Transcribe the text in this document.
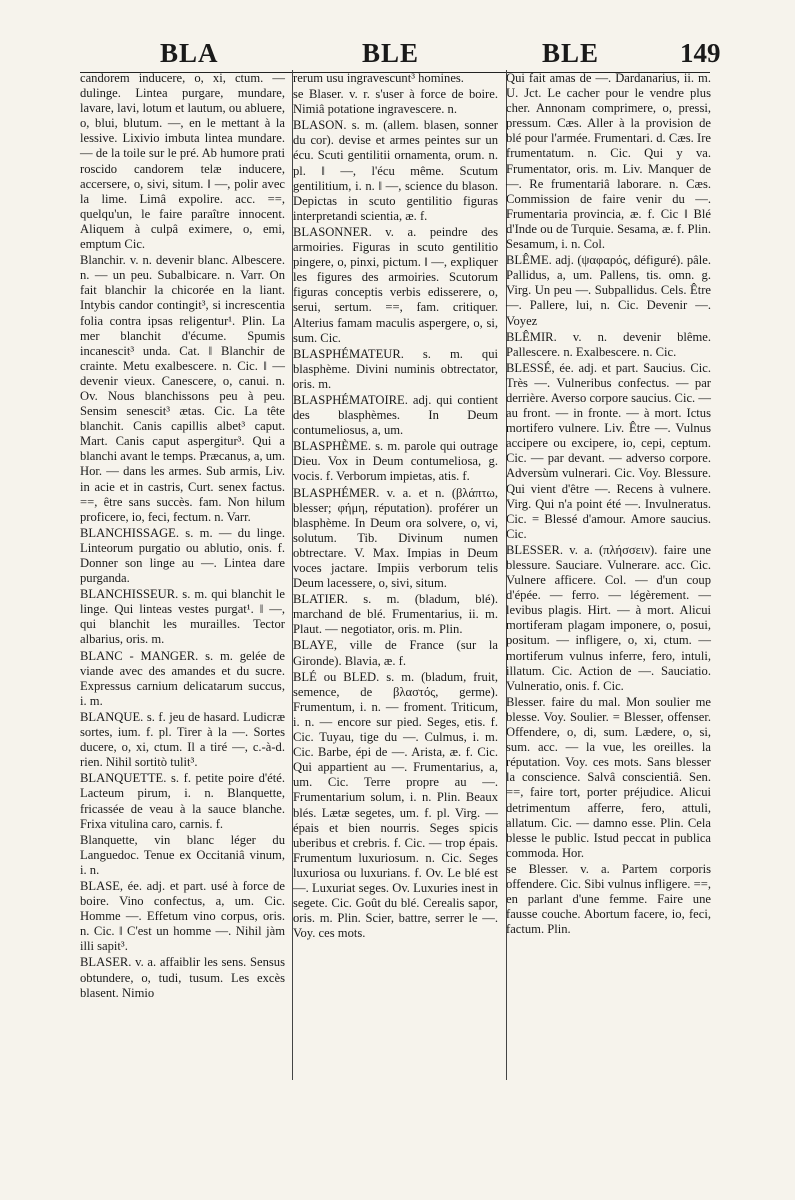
BLA	BLE	BLE	149

candorem inducere, o, xi, ctum. —dulinge. Lintea purgare, mundare, lavare, lavi, lotum et lautum, ou abluere, o, blui, blutum. —, en le mettant à la lessive. Lixivio imbuta lintea mundare. — de la toile sur le pré. Ab humore prati roscido candorem telæ inducere, accersere, o, sivi, situm. ‖ —, polir avec la lime. Limâ expolire. acc. ==, quelqu'un, le faire paraître innocent. Aliquem à culpâ eximere, o, emi, emptum Cic.

Blanchir. v. n. devenir blanc. Albescere. n. — un peu. Subalbicare. n. Varr. On fait blanchir la chicorée en la liant. Intybis candor contingit³, si increscentia folia contra ipsas religentur¹. Plin. La mer blanchit d'écume. Spumis incanescit³ unda. Cat. ‖ Blanchir de crainte. Metu exalbescere. n. Cic. ‖ —devenir vieux. Canescere, o, canui. n. Ov. Nous blanchissons peu à peu. Sensim senescit³ ætas. Cic. La tête blanchit. Canis capillis albet³ caput. Mart. Canis caput aspergitur³. Qui a blanchi avant le temps. Præcanus, a, um. Hor. — dans les armes. Sub armis, Liv. in acie et in castris, Curt. senex factus. ==, être sans succès. fam. Non hilum proficere, io, feci, fectum. n. Varr.

BLANCHISSAGE. s. m. — du linge. Linteorum purgatio ou ablutio, onis. f. Donner son linge au —. Lintea dare purganda.

BLANCHISSEUR. s. m. qui blanchit le linge. Qui linteas vestes purgat¹. ‖ —, qui blanchit les murailles. Tector albarius, oris. m.

BLANC - MANGER. s. m. gelée de viande avec des amandes et du sucre. Expressus carnium delicatarum succus, i. m.

BLANQUE. s. f. jeu de hasard. Ludicræ sortes, ium. f. pl. Tirer à la —. Sortes ducere, o, xi, ctum. Il a tiré —, c.-à-d. rien. Nihil sortitò tulit³.

BLANQUETTE. s. f. petite poire d'été. Lacteum pirum, i. n. Blanquette, fricassée de veau à la sauce blanche. Frixa vitulina caro, carnis. f.

Blanquette, vin blanc léger du Languedoc. Tenue ex Occitaniâ vinum, i. n.

BLASE, ée. adj. et part. usé à force de boire. Vino confectus, a, um. Cic. Homme —. Effetum vino corpus, oris. n. Cic. ‖ C'est un homme —. Nihil jàm illi sapit³.

BLASER. v. a. affaiblir les sens. Sensus obtundere, o, tudi, tusum. Les excès blasent. Nimio

rerum usu ingravescunt³ homines.

se Blaser. v. r. s'user à force de boire. Nimiâ potatione ingravescere. n.

BLASON. s. m. (allem. blasen, sonner du cor). devise et armes peintes sur un écu. Scuti gentilitii ornamenta, orum. n. pl. ‖ —, l'écu même. Scutum gentilitium, i. n. ‖ —, science du blason. Depictas in scuto gentilitio figuras interpretandi scientia, æ. f.

BLASONNER. v. a. peindre des armoiries. Figuras in scuto gentilitio pingere, o, pinxi, pictum. ‖ —, expliquer les figures des armoiries. Scutorum figuras conceptis verbis edisserere, o, serui, sertum. ==, fam. critiquer. Alterius famam maculis aspergere, o, si, sum. Cic.

BLASPHÉMATEUR. s. m. qui blasphème. Divini numinis obtrectator, oris. m.

BLASPHÉMATOIRE. adj. qui contient des blasphèmes. In Deum contumeliosus, a, um.

BLASPHÈME. s. m. parole qui outrage Dieu. Vox in Deum contumeliosa, g. vocis. f. Verborum impietas, atis. f.

BLASPHÉMER. v. a. et n. (βλάπτω, blesser; φήμη, réputation). proférer un blasphème. In Deum ora solvere, o, vi, solutum. Tib. Divinum numen obtrectare. V. Max. Impias in Deum voces jactare. Impiis verborum telis Deum lacessere, o, sivi, situm.

BLATIER. s. m. (bladum, blé). marchand de blé. Frumentarius, ii. m. Plaut. — negotiator, oris. m. Plin.

BLAYE, ville de France (sur la Gironde). Blavia, æ. f.

BLÉ ou BLED. s. m. (bladum, fruit, semence, de βλαστός, germe). Frumentum, i. n. — froment. Triticum, i. n. — encore sur pied. Seges, etis. f. Cic. Tuyau, tige du —. Culmus, i. m. Cic. Barbe, épi de —. Arista, æ. f. Cic. Qui appartient au —. Frumentarius, a, um. Cic. Terre propre au —. Frumentarium solum, i. n. Plin. Beaux blés. Lætæ segetes, um. f. pl. Virg. — épais et bien nourris. Seges spicis uberibus et crebris. f. Cic. — trop épais. Frumentum luxuriosum. n. Cic. Seges luxuriosa ou luxurians. f. Ov. Le blé est —. Luxuriat seges. Ov. Luxuries inest in segete. Cic. Goût du blé. Cerealis sapor, oris. m. Plin. Scier, battre, serrer le —. Voy. ces mots.

Qui fait amas de —. Dardanarius, ii. m. U. Jct. Le cacher pour le vendre plus cher. Annonam comprimere, o, pressi, pressum. Cæs. Aller à la provision de blé pour l'armée. Frumentari. d. Cæs. Ire frumentatum. n. Cic. Qui y va. Frumentator, oris. m. Liv. Manquer de —. Re frumentariâ laborare. n. Cæs. Commission de faire venir du —. Frumentaria provincia, æ. f. Cic ‖ Blé d'Inde ou de Turquie. Sesama, æ. f. Plin. Sesamum, i. n. Col.

BLÊME. adj. (ψαφαρός, défiguré). pâle. Pallidus, a, um. Pallens, tis. omn. g. Virg. Un peu —. Subpallidus. Cels. Être —. Pallere, lui, n. Cic. Devenir —. Voyez

BLÊMIR. v. n. devenir blême. Pallescere. n. Exalbescere. n. Cic.

BLESSÉ, ée. adj. et part. Saucius. Cic. Très —. Vulneribus confectus. — par derrière. Averso corpore saucius. Cic. — au front. — in fronte. — à mort. Ictus mortifero vulnere. Liv. Être —. Vulnus accipere ou excipere, io, cepi, ceptum. Cic. — par devant. — adverso corpore. Adversùm vulnerari. Cic. Voy. Blessure. Qui vient d'être —. Recens à vulnere. Virg. Qui n'a point été —. Invulneratus. Cic. = Blessé d'amour. Amore saucius. Cic.

BLESSER. v. a. (πλήσσειν). faire une blessure. Sauciare. Vulnerare. acc. Cic. Vulnere afficere. Col. — d'un coup d'épée. — ferro. — légèrement. — levibus plagis. Hirt. — à mort. Alicui mortiferam plagam imponere, o, posui, positum. — infligere, o, xi, ctum. — mortiferum vulnus inferre, fero, intuli, illatum. Cic. Action de —. Sauciatio. Vulneratio, onis. f. Cic.

Blesser. faire du mal. Mon soulier me blesse. Voy. Soulier. = Blesser, offenser. Offendere, o, di, sum. Lædere, o, si, sum. acc. — la vue, les oreilles. la réputation. Voy. ces mots. Sans blesser la conscience. Salvâ conscientiâ. Sen. ==, faire tort, porter préjudice. Alicui detrimentum afferre, fero, attuli, allatum. Cic. — damno esse. Plin. Cela blesse le public. Istud peccat in publica commoda. Hor.

se Blesser. v. a. Partem corporis offendere. Cic. Sibi vulnus infligere. ==, en parlant d'une femme. Faire une fausse couche. Abortum facere, io, feci, factum. Plin.
